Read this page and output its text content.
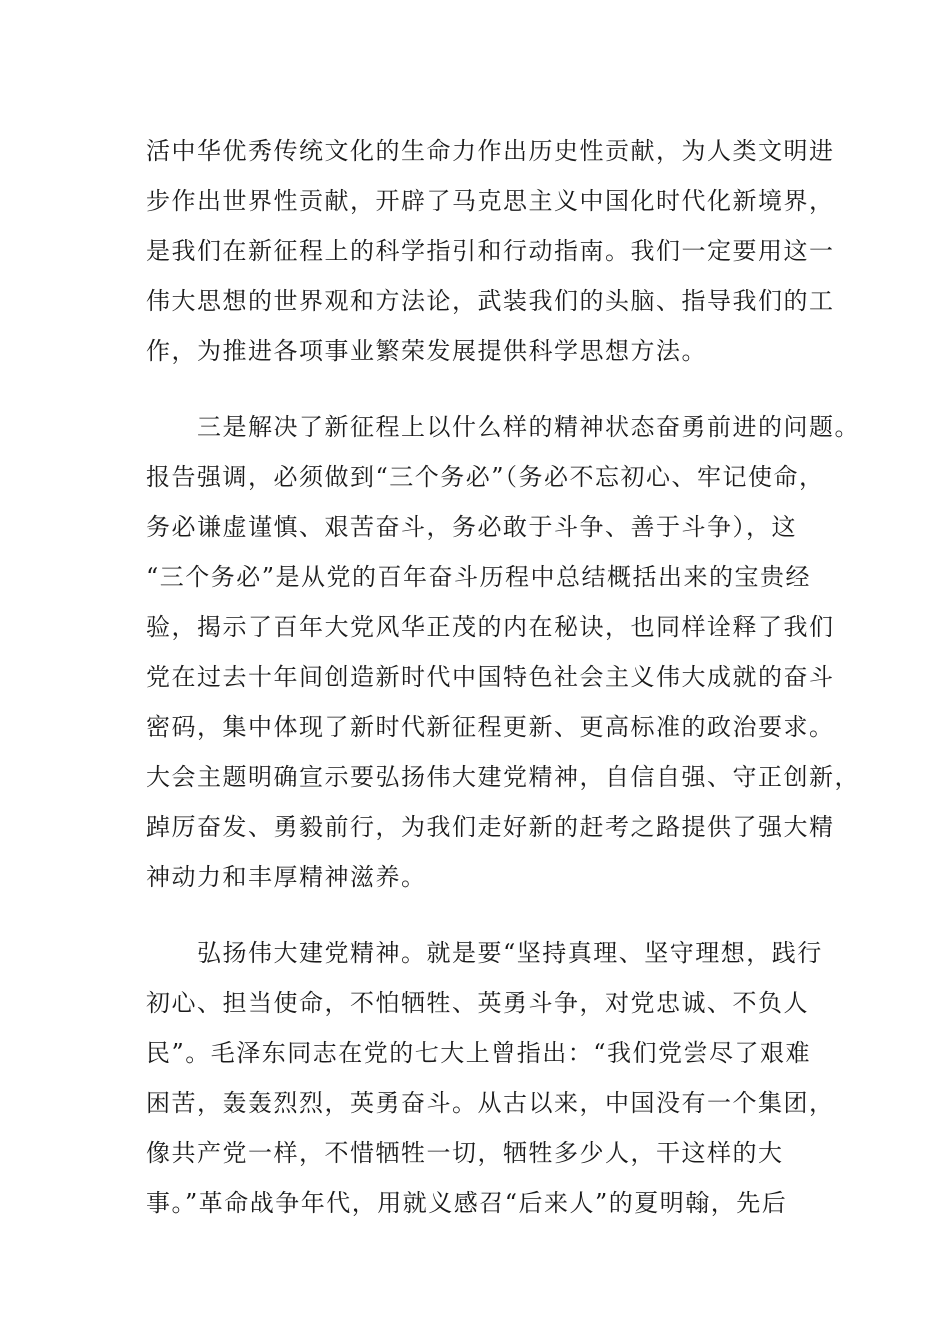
活中华优秀传统文化的生命力作出历史性贡献，为人类文明进
步作出世界性贡献，开辟了马克思主义中国化时代化新境界，
是我们在新征程上的科学指引和行动指南。我们一定要用这一
伟大思想的世界观和方法论，武装我们的头脑、指导我们的工
作，为推进各项事业繁荣发展提供科学思想方法。
　　三是解决了新征程上以什么样的精神状态奋勇前进的问题。
报告强调，必须做到“三个务必”（务必不忘初心、牢记使命，
务必谦虚谨慎、艰苦奋斗，务必敢于斗争、善于斗争），这
“三个务必”是从党的百年奋斗历程中总结概括出来的宝贵经
验，揭示了百年大党风华正茂的内在秘诀，也同样诠释了我们
党在过去十年间创造新时代中国特色社会主义伟大成就的奋斗
密码，集中体现了新时代新征程更新、更高标准的政治要求。
大会主题明确宣示要弘扬伟大建党精神，自信自强、守正创新，
踔厉奋发、勇毅前行，为我们走好新的赶考之路提供了强大精
神动力和丰厚精神滋养。
　　弘扬伟大建党精神。就是要“坚持真理、坚守理想，践行
初心、担当使命，不怕牺牲、英勇斗争，对党忠诚、不负人
民”。毛泽东同志在党的七大上曾指出：“我们党尝尽了艰难
困苦，轰轰烈烈，英勇奋斗。从古以来，中国没有一个集团，
像共产党一样，不惜牺牲一切，牺牲多少人，干这样的大
事。”革命战争年代，用就义感召“后来人”的夏明翰，先后
